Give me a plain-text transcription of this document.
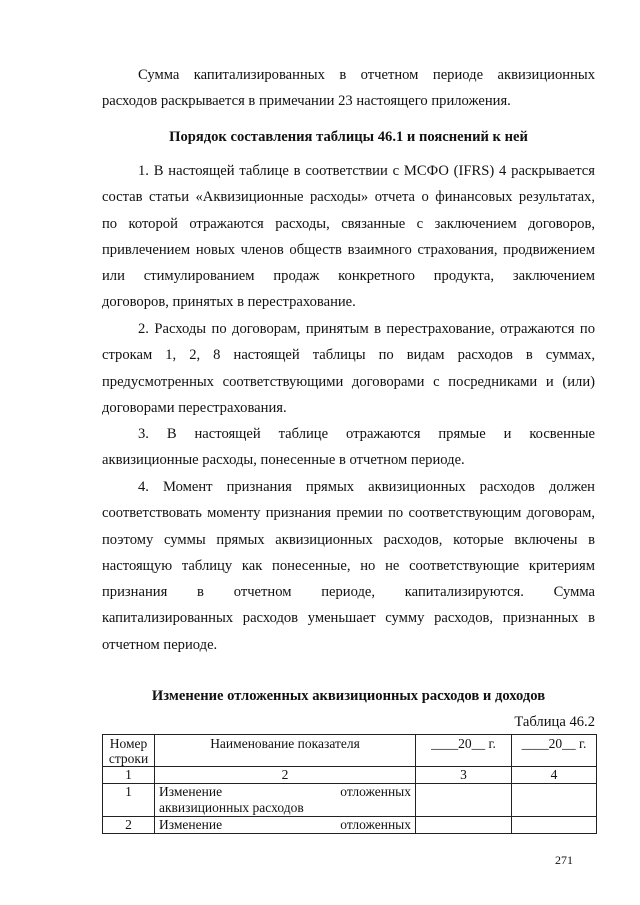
Сумма капитализированных в отчетном периоде аквизиционных
расходов раскрывается в примечании 23 настоящего приложения.

Порядок составления таблицы 46.1 и пояснений к ней

1. В настоящей таблице в соответствии с МСФО (IFRS) 4 раскрывается
состав статьи «Аквизиционные расходы» отчета о финансовых результатах,
по которой отражаются расходы, связанные с заключением договоров,
привлечением новых членов обществ взаимного страхования, продвижением
или стимулированием продаж конкретного продукта, заключением
договоров, принятых в перестрахование.

2. Расходы по договорам, принятым в перестрахование, отражаются по
строкам 1, 2, 8 настоящей таблицы по видам расходов в суммах,
предусмотренных соответствующими договорами с посредниками и (или)
договорами перестрахования.

3. В настоящей таблице отражаются прямые и косвенные
аквизиционные расходы, понесенные в отчетном периоде.

4. Момент признания прямых аквизиционных расходов должен
соответствовать моменту признания премии по соответствующим договорам,
поэтому суммы прямых аквизиционных расходов, которые включены в
настоящую таблицу как понесенные, но не соответствующие критериям
признания в отчетном периоде, капитализируются. Сумма
капитализированных расходов уменьшает сумму расходов, признанных в
отчетном периоде.

Изменение отложенных аквизиционных расходов и доходов

Таблица 46.2
Номер
строки	Наименование показателя	____20__ г.	____20__ г.
1	2	3	4
1	Изменение отложенных
аквизиционных расходов		

2	Изменение отложенных		

271
